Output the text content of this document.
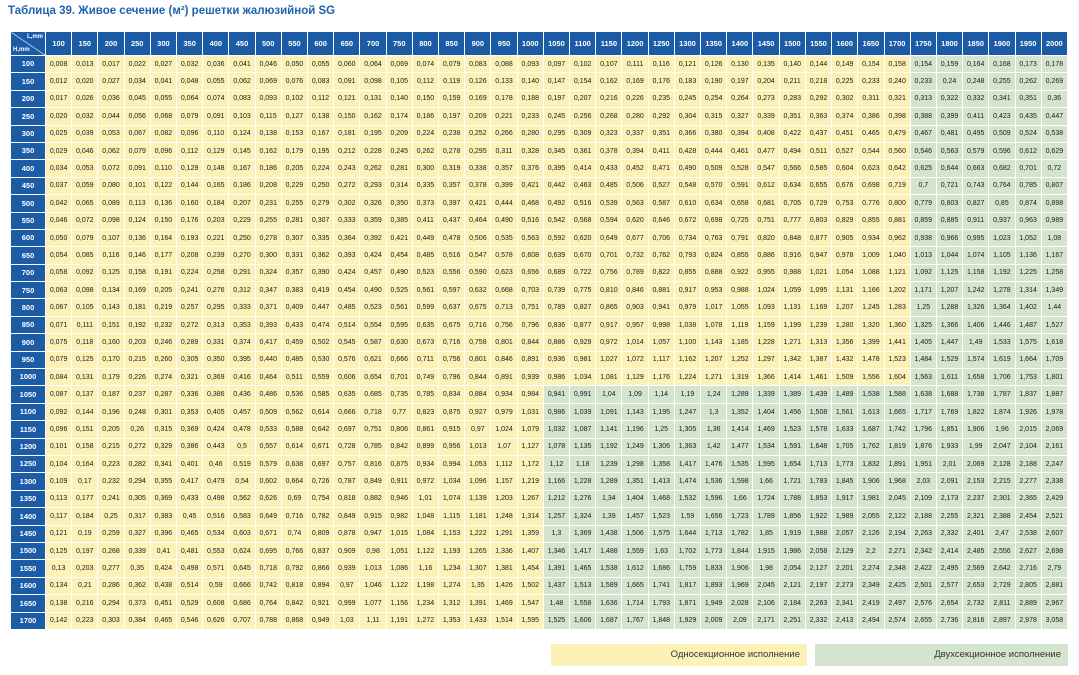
Таблица 39. Живое сечение (м²) решетки жалюзийной SG
L,mm
H,mm	100	150	200	250	300	350	400	450	500	550	600	650	700	750	800	850	900	950	1000	1050	1100	1150	1200	1250	1300	1350	1400	1450	1500	1550	1600	1650	1700	1750	1800	1850	1900	1950	2000
100	0,008	0,013	0,017	0,022	0,027	0,032	0,036	0,041	0,046	0,050	0,055	0,060	0,064	0,069	0,074	0,079	0,083	0,088	0,093	0,097	0,102	0,107	0,111	0,116	0,121	0,126	0,130	0,135	0,140	0,144	0,149	0,154	0,158	0,154	0,159	0,164	0,168	0,173	0,178
150	0,012	0,020	0,027	0,034	0,041	0,048	0,055	0,062	0,069	0,076	0,083	0,091	0,098	0,105	0,112	0,119	0,126	0,133	0,140	0,147	0,154	0,162	0,169	0,176	0,183	0,190	0,197	0,204	0,211	0,218	0,225	0,233	0,240	0,233	0,24	0,248	0,255	0,262	0,269
200	0,017	0,026	0,036	0,045	0,055	0,064	0,074	0,083	0,093	0,102	0,112	0,121	0,131	0,140	0,150	0,159	0,169	0,178	0,188	0,197	0,207	0,216	0,226	0,235	0,245	0,254	0,264	0,273	0,283	0,292	0,302	0,311	0,321	0,313	0,322	0,332	0,341	0,351	0,36
250	0,020	0,032	0,044	0,056	0,068	0,079	0,091	0,103	0,115	0,127	0,138	0,150	0,162	0,174	0,186	0,197	0,209	0,221	0,233	0,245	0,256	0,268	0,280	0,292	0,304	0,315	0,327	0,339	0,351	0,363	0,374	0,386	0,398	0,388	0,399	0,411	0,423	0,435	0,447
300	0,025	0,039	0,053	0,067	0,082	0,096	0,110	0,124	0,138	0,153	0,167	0,181	0,195	0,209	0,224	0,238	0,252	0,266	0,280	0,295	0,309	0,323	0,337	0,351	0,366	0,380	0,394	0,408	0,422	0,437	0,451	0,465	0,479	0,467	0,481	0,495	0,509	0,524	0,538
350	0,029	0,046	0,062	0,079	0,096	0,112	0,129	0,145	0,162	0,179	0,195	0,212	0,228	0,245	0,262	0,278	0,295	0,311	0,328	0,345	0,361	0,378	0,394	0,411	0,428	0,444	0,461	0,477	0,494	0,511	0,527	0,544	0,560	0,546	0,563	0,579	0,596	0,612	0,629
400	0,034	0,053	0,072	0,091	0,110	0,129	0,148	0,167	0,186	0,205	0,224	0,243	0,262	0,281	0,300	0,319	0,338	0,357	0,376	0,395	0,414	0,433	0,452	0,471	0,490	0,509	0,528	0,547	0,566	0,585	0,604	0,623	0,642	0,625	0,644	0,663	0,682	0,701	0,72
450	0,037	0,059	0,080	0,101	0,122	0,144	0,165	0,186	0,208	0,229	0,250	0,272	0,293	0,314	0,335	0,357	0,378	0,399	0,421	0,442	0,463	0,485	0,506	0,527	0,548	0,570	0,591	0,612	0,634	0,655	0,676	0,698	0,719	0,7	0,721	0,743	0,764	0,785	0,807
500	0,042	0,065	0,089	0,113	0,136	0,160	0,184	0,207	0,231	0,255	0,279	0,302	0,326	0,350	0,373	0,397	0,421	0,444	0,468	0,492	0,516	0,539	0,563	0,587	0,610	0,634	0,658	0,681	0,705	0,729	0,753	0,776	0,800	0,779	0,803	0,827	0,85	0,874	0,898
550	0,046	0,072	0,098	0,124	0,150	0,176	0,203	0,229	0,255	0,281	0,307	0,333	0,359	0,385	0,411	0,437	0,464	0,490	0,516	0,542	0,568	0,594	0,620	0,646	0,672	0,698	0,725	0,751	0,777	0,803	0,829	0,855	0,881	0,859	0,885	0,911	0,937	0,963	0,989
600	0,050	0,079	0,107	0,136	0,164	0,193	0,221	0,250	0,278	0,307	0,335	0,364	0,392	0,421	0,449	0,478	0,506	0,535	0,563	0,592	0,620	0,649	0,677	0,706	0,734	0,763	0,791	0,820	0,848	0,877	0,905	0,934	0,962	0,938	0,966	0,995	1,023	1,052	1,08
650	0,054	0,085	0,116	0,146	0,177	0,208	0,239	0,270	0,300	0,331	0,362	0,393	0,424	0,454	0,485	0,516	0,547	0,578	0,608	0,639	0,670	0,701	0,732	0,762	0,793	0,824	0,855	0,886	0,916	0,947	0,978	1,009	1,040	1,013	1,044	1,074	1,105	1,136	1,167
700	0,058	0,092	0,125	0,158	0,191	0,224	0,258	0,291	0,324	0,357	0,390	0,424	0,457	0,490	0,523	0,556	0,590	0,623	0,656	0,689	0,722	0,756	0,789	0,822	0,855	0,888	0,922	0,955	0,988	1,021	1,054	1,088	1,121	1,092	1,125	1,158	1,192	1,225	1,258
750	0,063	0,098	0,134	0,169	0,205	0,241	0,276	0,312	0,347	0,383	0,419	0,454	0,490	0,525	0,561	0,597	0,632	0,668	0,703	0,739	0,775	0,810	0,846	0,881	0,917	0,953	0,988	1,024	1,059	1,095	1,131	1,166	1,202	1,171	1,207	1,242	1,278	1,314	1,349
800	0,067	0,105	0,143	0,181	0,219	0,257	0,295	0,333	0,371	0,409	0,447	0,485	0,523	0,561	0,599	0,637	0,675	0,713	0,751	0,789	0,827	0,865	0,903	0,941	0,979	1,017	1,055	1,093	1,131	1,169	1,207	1,245	1,283	1,25	1,288	1,326	1,364	1,402	1,44
850	0,071	0,111	0,151	0,192	0,232	0,272	0,313	0,353	0,393	0,433	0,474	0,514	0,554	0,595	0,635	0,675	0,716	0,756	0,796	0,836	0,877	0,917	0,957	0,998	1,038	1,078	1,119	1,159	1,199	1,239	1,280	1,320	1,360	1,325	1,366	1,406	1,446	1,487	1,527
900	0,075	0,118	0,160	0,203	0,246	0,289	0,331	0,374	0,417	0,459	0,502	0,545	0,587	0,630	0,673	0,716	0,758	0,801	0,844	0,886	0,929	0,972	1,014	1,057	1,100	1,143	1,185	1,228	1,271	1,313	1,356	1,399	1,441	1,405	1,447	1,49	1,533	1,575	1,618
950	0,079	0,125	0,170	0,215	0,260	0,305	0,350	0,395	0,440	0,485	0,530	0,576	0,621	0,666	0,711	0,756	0,801	0,846	0,891	0,936	0,981	1,027	1,072	1,117	1,162	1,207	1,252	1,297	1,342	1,387	1,432	1,478	1,523	1,484	1,529	1,574	1,619	1,664	1,709
1000	0,084	0,131	0,179	0,226	0,274	0,321	0,369	0,416	0,464	0,511	0,559	0,606	0,654	0,701	0,749	0,796	0,844	0,891	0,939	0,986	1,034	1,081	1,129	1,176	1,224	1,271	1,319	1,366	1,414	1,461	1,509	1,556	1,604	1,563	1,611	1,658	1,706	1,753	1,801
1050	0,087	0,137	0,187	0,237	0,287	0,336	0,386	0,436	0,486	0,536	0,585	0,635	0,685	0,735	0,785	0,834	0,884	0,934	0,984	0,941	0,991	1,04	1,09	1,14	1,19	1,24	1,289	1,339	1,389	1,439	1,489	1,538	1,588	1,638	1,688	1,738	1,787	1,837	1,887
1100	0,092	0,144	0,196	0,248	0,301	0,353	0,405	0,457	0,509	0,562	0,614	0,666	0,718	0,77	0,823	0,875	0,927	0,979	1,031	0,986	1,039	1,091	1,143	1,195	1,247	1,3	1,352	1,404	1,456	1,508	1,561	1,613	1,665	1,717	1,769	1,822	1,874	1,926	1,978
1150	0,096	0,151	0,205	0,26	0,315	0,369	0,424	0,478	0,533	0,588	0,642	0,697	0,751	0,806	0,861	0,915	0,97	1,024	1,079	1,032	1,087	1,141	1,196	1,25	1,305	1,36	1,414	1,469	1,523	1,578	1,633	1,687	1,742	1,796	1,851	1,906	1,96	2,015	2,069
1200	0,101	0,158	0,215	0,272	0,329	0,386	0,443	0,5	0,557	0,614	0,671	0,728	0,785	0,842	0,899	0,956	1,013	1,07	1,127	1,078	1,135	1,192	1,249	1,306	1,363	1,42	1,477	1,534	1,591	1,648	1,705	1,762	1,819	1,876	1,933	1,99	2,047	2,104	2,161
1250	0,104	0,164	0,223	0,282	0,341	0,401	0,46	0,519	0,579	0,638	0,697	0,757	0,816	0,875	0,934	0,994	1,053	1,112	1,172	1,12	1,18	1,239	1,298	1,358	1,417	1,476	1,535	1,595	1,654	1,713	1,773	1,832	1,891	1,951	2,01	2,069	2,128	2,188	2,247
1300	0,109	0,17	0,232	0,294	0,355	0,417	0,479	0,54	0,602	0,664	0,726	0,787	0,849	0,911	0,972	1,034	1,096	1,157	1,219	1,166	1,228	1,289	1,351	1,413	1,474	1,536	1,598	1,66	1,721	1,783	1,845	1,906	1,968	2,03	2,091	2,153	2,215	2,277	2,338
1350	0,113	0,177	0,241	0,305	0,369	0,433	0,498	0,562	0,626	0,69	0,754	0,818	0,882	0,946	1,01	1,074	1,139	1,203	1,267	1,212	1,276	1,34	1,404	1,468	1,532	1,596	1,66	1,724	1,788	1,853	1,917	1,981	2,045	2,109	2,173	2,237	2,301	2,365	2,429
1400	0,117	0,184	0,25	0,317	0,383	0,45	0,516	0,583	0,649	0,716	0,782	0,849	0,915	0,982	1,048	1,115	1,181	1,248	1,314	1,257	1,324	1,39	1,457	1,523	1,59	1,656	1,723	1,789	1,856	1,922	1,989	2,055	2,122	2,188	2,255	2,321	2,388	2,454	2,521
1450	0,121	0,19	0,259	0,327	0,396	0,465	0,534	0,603	0,671	0,74	0,809	0,878	0,947	1,015	1,084	1,153	1,222	1,291	1,359	1,3	1,369	1,438	1,506	1,575	1,644	1,713	1,782	1,85	1,919	1,988	2,057	2,126	2,194	2,263	2,332	2,401	2,47	2,538	2,607
1500	0,125	0,197	0,268	0,339	0,41	0,481	0,553	0,624	0,695	0,766	0,837	0,909	0,98	1,051	1,122	1,193	1,265	1,336	1,407	1,346	1,417	1,488	1,559	1,63	1,702	1,773	1,844	1,915	1,986	2,058	2,129	2,2	2,271	2,342	2,414	2,485	2,556	2,627	2,698
1550	0,13	0,203	0,277	0,35	0,424	0,498	0,571	0,645	0,718	0,792	0,866	0,939	1,013	1,086	1,16	1,234	1,307	1,381	1,454	1,391	1,465	1,538	1,612	1,686	1,759	1,833	1,906	1,98	2,054	2,127	2,201	2,274	2,348	2,422	2,495	2,569	2,642	2,716	2,79
1600	0,134	0,21	0,286	0,362	0,438	0,514	0,59	0,666	0,742	0,818	0,894	0,97	1,046	1,122	1,198	1,274	1,35	1,426	1,502	1,437	1,513	1,589	1,665	1,741	1,817	1,893	1,969	2,045	2,121	2,197	2,273	2,349	2,425	2,501	2,577	2,653	2,729	2,805	2,881
1650	0,138	0,216	0,294	0,373	0,451	0,529	0,608	0,686	0,764	0,842	0,921	0,999	1,077	1,156	1,234	1,312	1,391	1,469	1,547	1,48	1,558	1,636	1,714	1,793	1,871	1,949	2,028	2,106	2,184	2,263	2,341	2,419	2,497	2,576	2,654	2,732	2,811	2,889	2,967
1700	0,142	0,223	0,303	0,384	0,465	0,546	0,626	0,707	0,788	0,868	0,949	1,03	1,11	1,191	1,272	1,353	1,433	1,514	1,595	1,525	1,606	1,687	1,767	1,848	1,929	2,009	2,09	2,171	2,251	2,332	2,413	2,494	2,574	2,655	2,736	2,816	2,897	2,978	3,058
Односекционное исполнение	Двухсекционное исполнение
